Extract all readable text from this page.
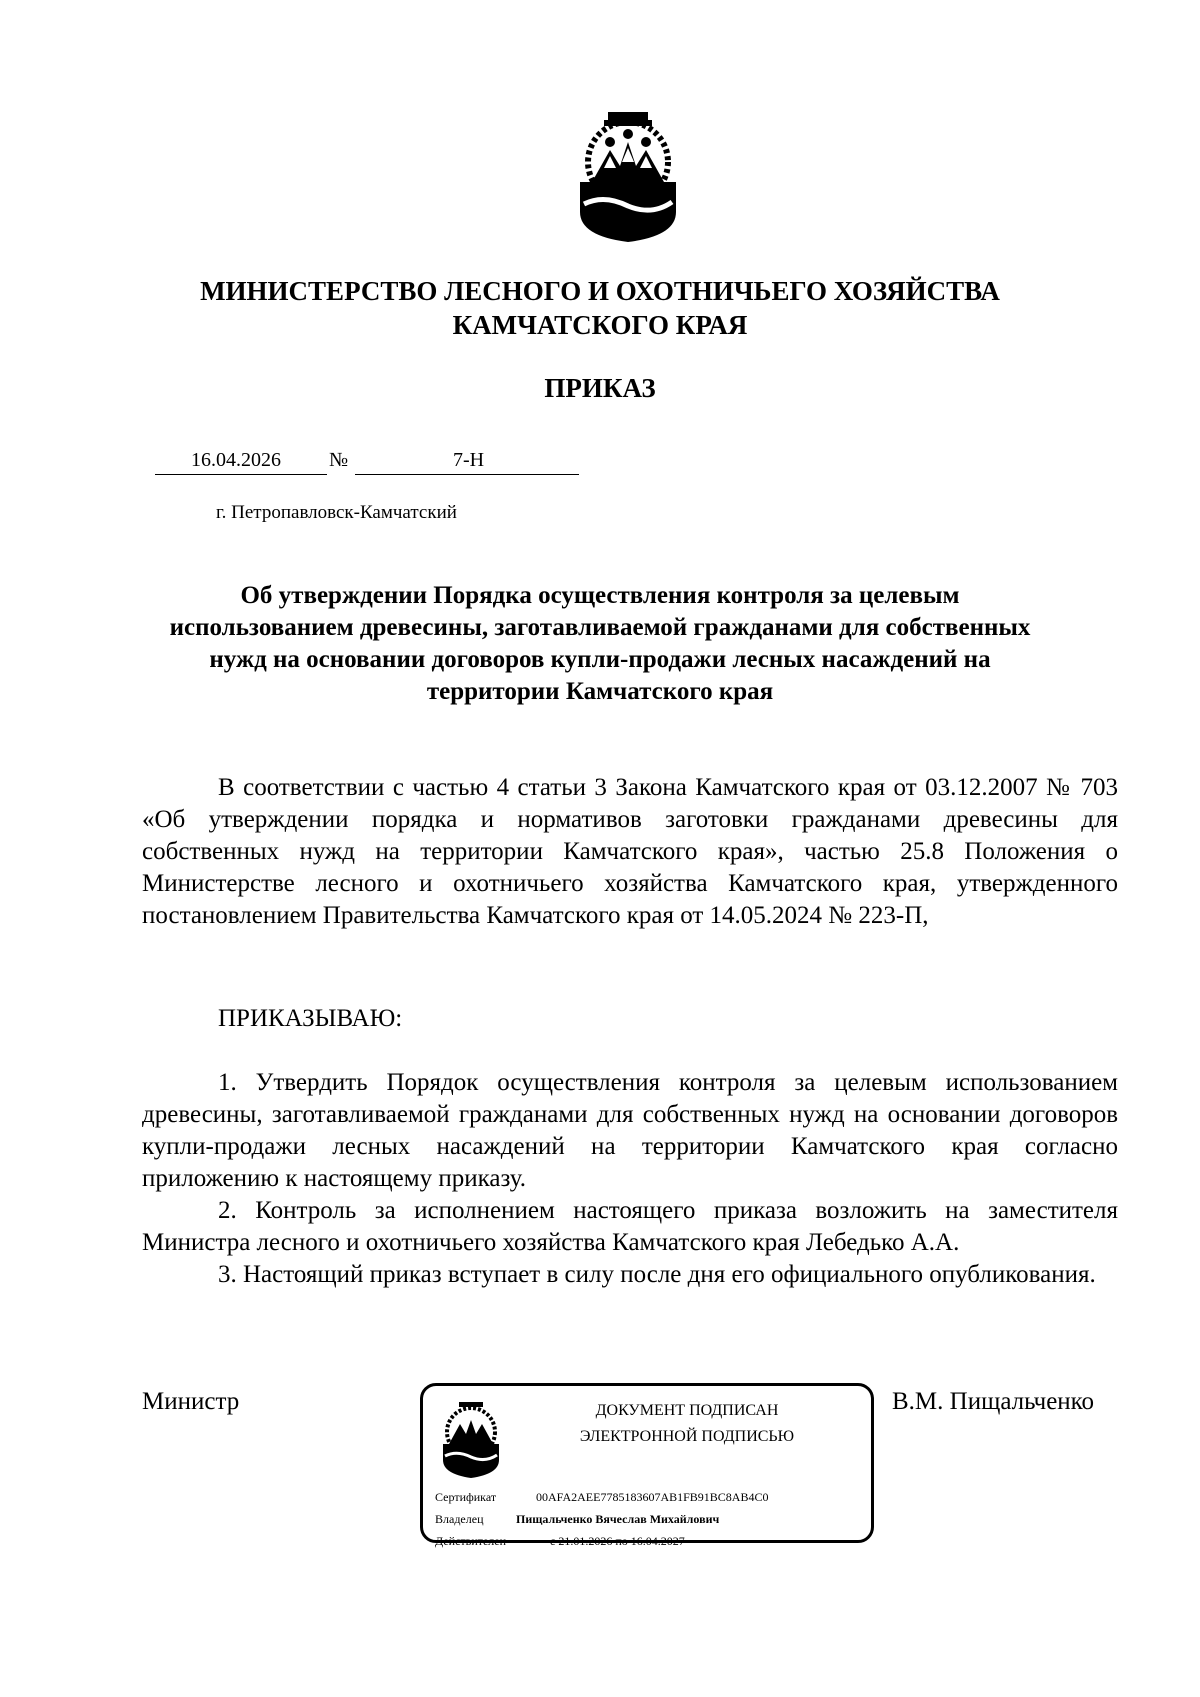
МИНИСТЕРСТВО ЛЕСНОГО И ОХОТНИЧЬЕГО ХОЗЯЙСТВА
КАМЧАТСКОГО КРАЯ
ПРИКАЗ
16.04.2026 №	7-Н
г. Петропавловск-Камчатский
Об утверждении Порядка осуществления контроля за целевым использованием древесины, заготавливаемой гражданами для собственных нужд на основании договоров купли-продажи лесных насаждений на территории Камчатского края
В соответствии с частью 4 статьи 3 Закона Камчатского края от 03.12.2007 № 703 «Об утверждении порядка и нормативов заготовки гражданами древесины для собственных нужд на территории Камчатского края», частью 25.8 Положения о Министерстве лесного и охотничьего хозяйства Камчатского края, утвержденного постановлением Правительства Камчатского края от 14.05.2024 № 223-П,
ПРИКАЗЫВАЮ:

1. Утвердить Порядок осуществления контроля за целевым использованием древесины, заготавливаемой гражданами для собственных нужд на основании договоров купли-продажи лесных насаждений на территории Камчатского края согласно приложению к настоящему приказу.

2. Контроль за исполнением настоящего приказа возложить на заместителя Министра лесного и охотничьего хозяйства Камчатского края Лебедько А.А.

3. Настоящий приказ вступает в силу после дня его официального опубликования.

Министр	В.М. Пищальченко
ДОКУМЕНТ ПОДПИСАН
ЭЛЕКТРОННОЙ ПОДПИСЬЮ
Сертификат	00AFA2AEE7785183607AB1FB91BC8AB4C0
Владелец	Пищальченко Вячеслав Михайлович
Действителен	с 21.01.2026 по 16.04.2027
